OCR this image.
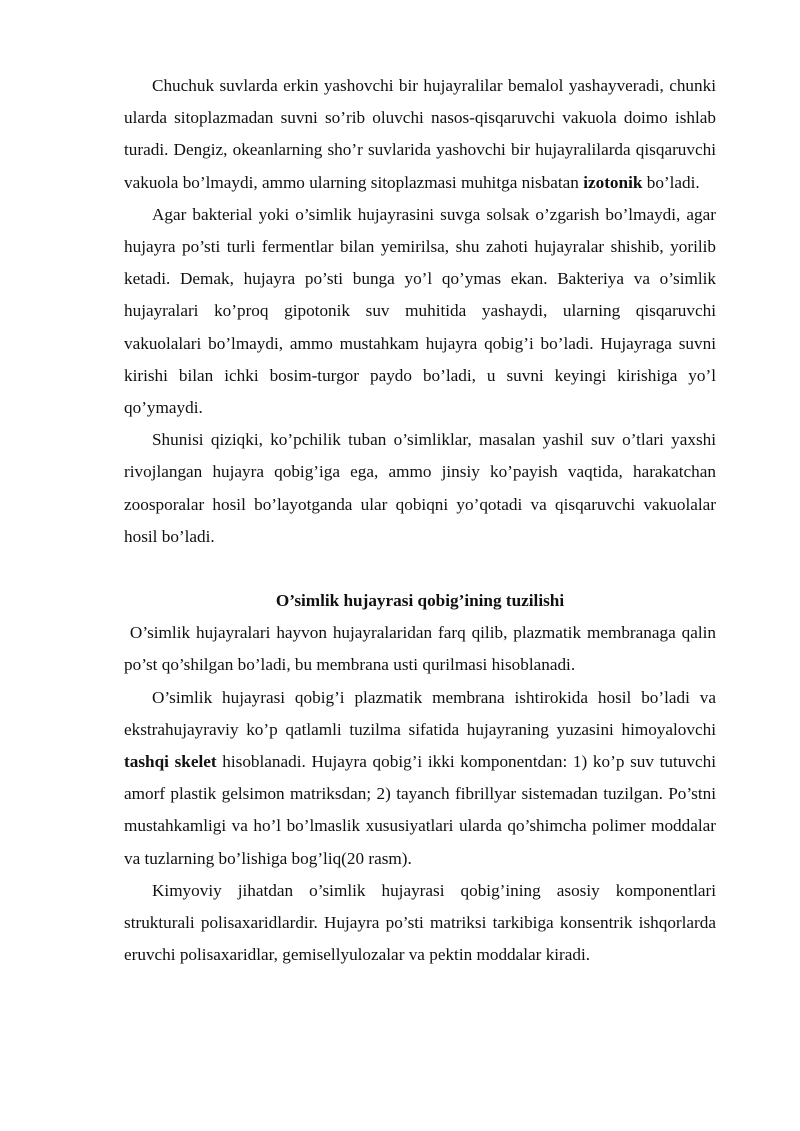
Chuchuk suvlarda erkin yashovchi bir hujayralilar bemalol yashayveradi, chunki ularda sitoplazmadan suvni so’rib oluvchi nasos-qisqaruvchi vakuola doimo ishlab turadi. Dengiz, okeanlarning sho’r suvlarida yashovchi bir hujayralilarda qisqaruvchi vakuola bo’lmaydi, ammo ularning sitoplazmasi muhitga nisbatan izotonik bo’ladi.

Agar bakterial yoki o’simlik hujayrasini suvga solsak o’zgarish bo’lmaydi, agar hujayra po’sti turli fermentlar bilan yemirilsa, shu zahoti hujayralar shishib, yorilib ketadi. Demak, hujayra po’sti bunga yo’l qo’ymas ekan. Bakteriya va o’simlik hujayralari ko’proq gipotonik suv muhitida yashaydi, ularning qisqaruvchi vakuolalari bo’lmaydi, ammo mustahkam hujayra qobig’i bo’ladi. Hujayraga suvni kirishi bilan ichki bosim-turgor paydo bo’ladi, u suvni keyingi kirishiga yo’l qo’ymaydi.

Shunisi qiziqki, ko’pchilik tuban o’simliklar, masalan yashil suv o’tlari yaxshi rivojlangan hujayra qobig’iga ega, ammo jinsiy ko’payish vaqtida, harakatchan zoosporalar hosil bo’layotganda ular qobiqni yo’qotadi va qisqaruvchi vakuolalar hosil bo’ladi.

O’simlik hujayrasi qobig’ining tuzilishi

O’simlik hujayralari hayvon hujayralaridan farq qilib, plazmatik membranaga qalin po’st qo’shilgan bo’ladi, bu membrana usti qurilmasi hisoblanadi.

O’simlik hujayrasi qobig’i plazmatik membrana ishtirokida hosil bo’ladi va ekstrahujayraviy ko’p qatlamli tuzilma sifatida hujayraning yuzasini himoyalovchi tashqi skelet hisoblanadi. Hujayra qobig’i ikki komponentdan: 1) ko’p suv tutuvchi amorf plastik gelsimon matriksdan; 2) tayanch fibrillyar sistemadan tuzilgan. Po’stni mustahkamligi va ho’l bo’lmaslik xususiyatlari ularda qo’shimcha polimer moddalar va tuzlarning bo’lishiga bog’liq(20 rasm).

Kimyoviy jihatdan o’simlik hujayrasi qobig’ining asosiy komponentlari strukturali polisaxaridlardir. Hujayra po’sti matriksi tarkibiga konsentrik ishqorlarda eruvchi polisaxaridlar, gemisellyulozalar va pektin moddalar kiradi.
